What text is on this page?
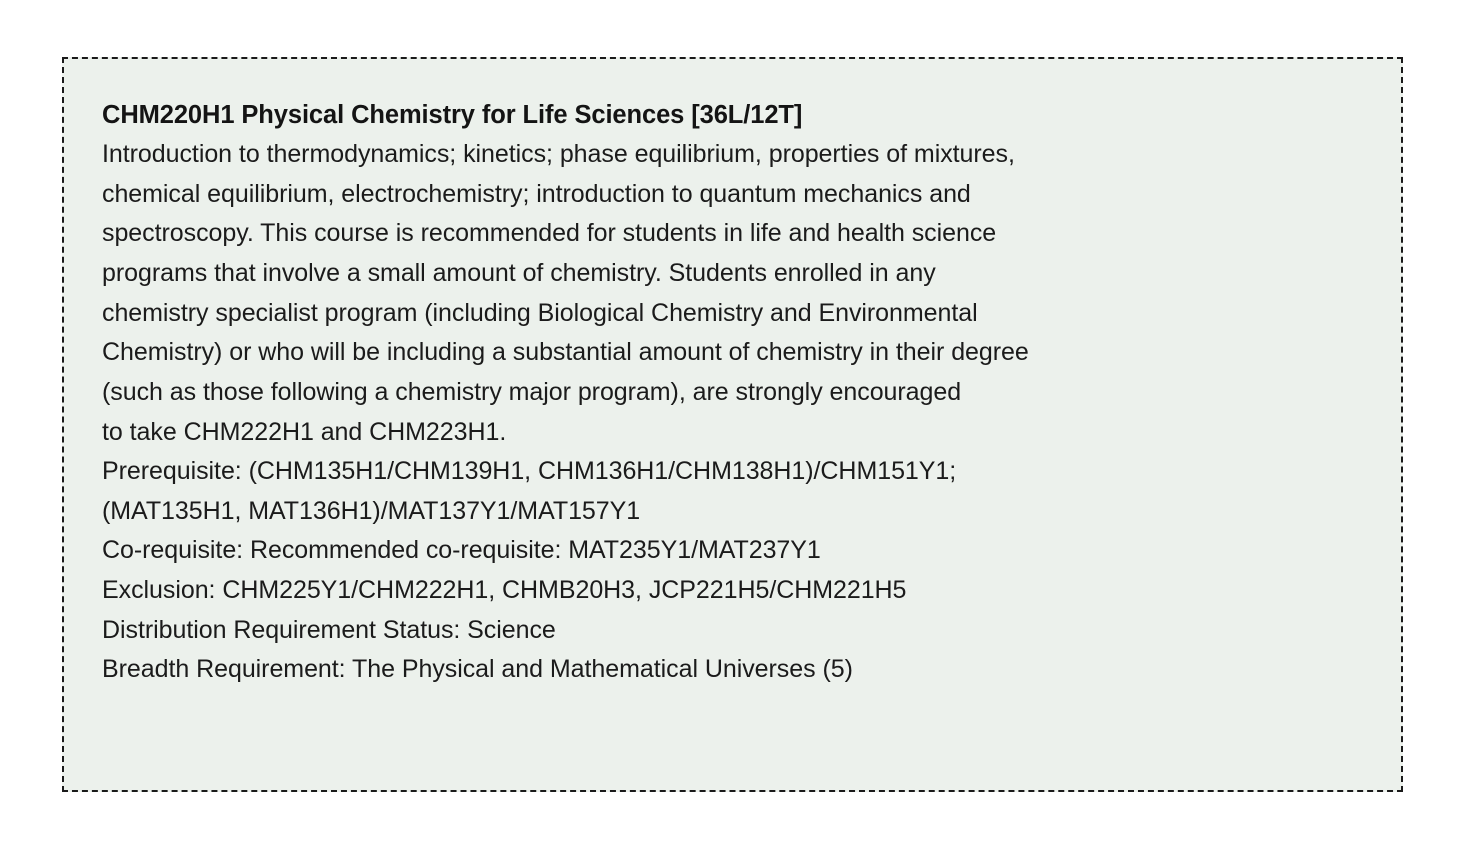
CHM220H1 Physical Chemistry for Life Sciences [36L/12T]

Introduction to thermodynamics; kinetics; phase equilibrium, properties of mixtures,
chemical equilibrium, electrochemistry; introduction to quantum mechanics and
spectroscopy. This course is recommended for students in life and health science
programs that involve a small amount of chemistry. Students enrolled in any
chemistry specialist program (including Biological Chemistry and Environmental
Chemistry) or who will be including a substantial amount of chemistry in their degree
(such as those following a chemistry major program), are strongly encouraged
to take CHM222H1 and CHM223H1.

Prerequisite: (CHM135H1/CHM139H1, CHM136H1/CHM138H1)/CHM151Y1;
(MAT135H1, MAT136H1)/MAT137Y1/MAT157Y1

Co-requisite: Recommended co-requisite: MAT235Y1/MAT237Y1

Exclusion: CHM225Y1/CHM222H1, CHMB20H3, JCP221H5/CHM221H5

Distribution Requirement Status: Science

Breadth Requirement: The Physical and Mathematical Universes (5)
